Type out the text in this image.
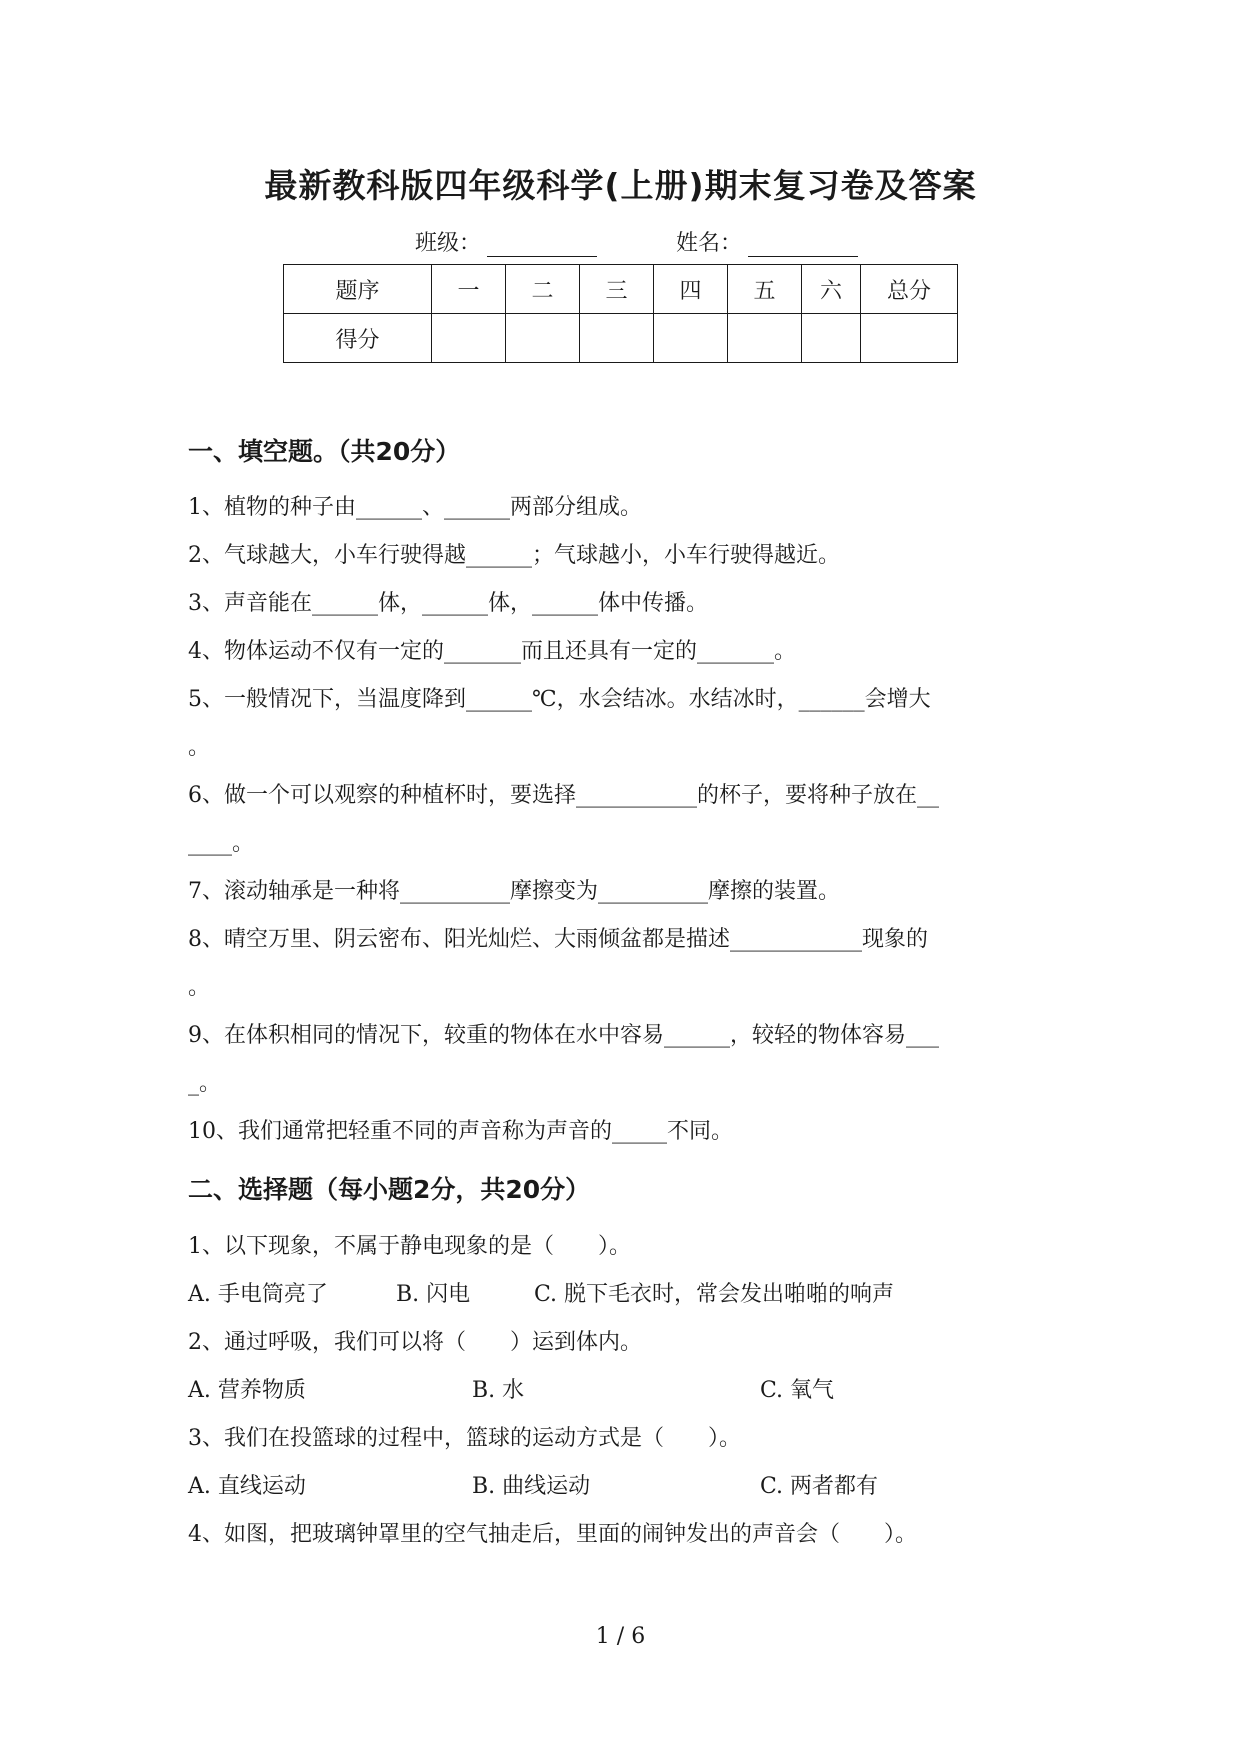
最新教科版四年级科学(上册)期末复习卷及答案
班级：	姓名：
题序	一	二	三	四	五	六	总分
得分							
一、填空题。（共20分）
1、植物的种子由______、______两部分组成。
2、气球越大，小车行驶得越______；气球越小，小车行驶得越近。
3、声音能在______体，______体，______体中传播。
4、物体运动不仅有一定的_______而且还具有一定的_______。
5、一般情况下，当温度降到______℃，水会结冰。水结冰时，______会增大
。
6、做一个可以观察的种植杯时，要选择___________的杯子，要将种子放在__
____。
7、滚动轴承是一种将__________摩擦变为__________摩擦的装置。
8、晴空万里、阴云密布、阳光灿烂、大雨倾盆都是描述____________现象的
。
9、在体积相同的情况下，较重的物体在水中容易______，较轻的物体容易___
_。
10、我们通常把轻重不同的声音称为声音的_____不同。
二、选择题（每小题2分，共20分）
1、以下现象，不属于静电现象的是（　　）。
A. 手电筒亮了	B. 闪电	C. 脱下毛衣时，常会发出啪啪的响声
2、通过呼吸，我们可以将（　　）运到体内。
A. 营养物质	B. 水	C. 氧气
3、我们在投篮球的过程中，篮球的运动方式是（　　）。
A. 直线运动	B. 曲线运动	C. 两者都有
4、如图，把玻璃钟罩里的空气抽走后，里面的闹钟发出的声音会（　　）。
1 / 6
